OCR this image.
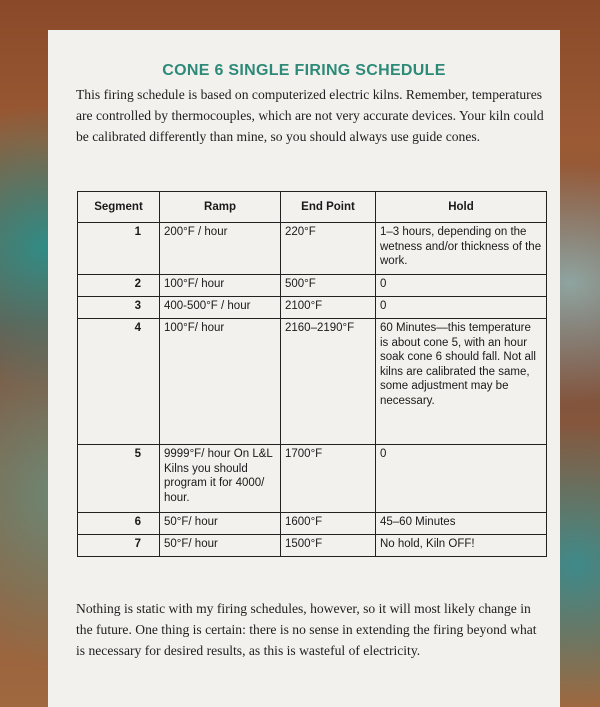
CONE 6 SINGLE FIRING SCHEDULE
This firing schedule is based on computerized electric kilns. Remember, temperatures are controlled by thermocouples, which are not very accurate devices. Your kiln could be calibrated differently than mine, so you should always use guide cones.
Segment	Ramp	End Point	Hold
1	200°F / hour	220°F	1–3 hours, depending on the wetness and/or thickness of the work.
2	100°F/ hour	500°F	0
3	400-500°F / hour	2100°F	0
4	100°F/ hour	2160–2190°F	60 Minutes—this temperature is about cone 5, with an hour soak cone 6 should fall. Not all kilns are calibrated the same, some adjustment may be necessary.
5	9999°F/ hour On L&L Kilns you should program it for 4000/ hour.	1700°F	0
6	50°F/ hour	1600°F	45–60 Minutes
7	50°F/ hour	1500°F	No hold, Kiln OFF!
Nothing is static with my firing schedules, however, so it will most likely change in the future. One thing is certain: there is no sense in extending the firing beyond what is necessary for desired results, as this is wasteful of electricity.
